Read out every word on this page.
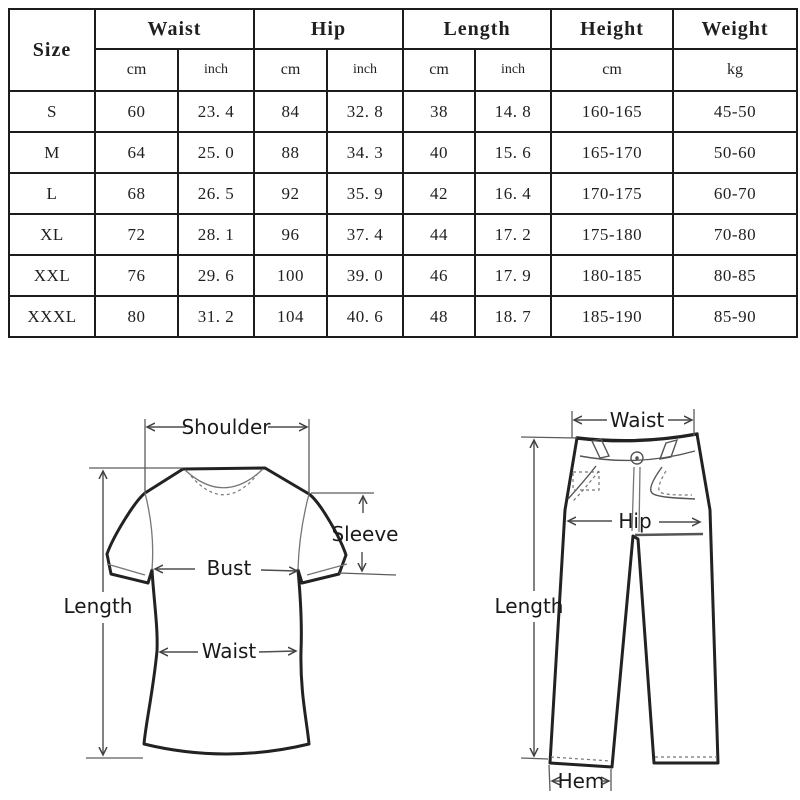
Size	Waist		Hip		Length		Height	Weight
	cm	inch	cm	inch	cm	inch	cm	kg
S	60	23. 4	84	32. 8	38	14. 8	160-165	45-50
M	64	25. 0	88	34. 3	40	15. 6	165-170	50-60
L	68	26. 5	92	35. 9	42	16. 4	170-175	60-70
XL	72	28. 1	96	37. 4	44	17. 2	175-180	70-80
XXL	76	29. 6	100	39. 0	46	17. 9	180-185	80-85
XXXL	80	31. 2	104	40. 6	48	18. 7	185-190	85-90
Shoulder
Length
Sleeve
Bust
Waist
Waist
Hip
Length
Hem
